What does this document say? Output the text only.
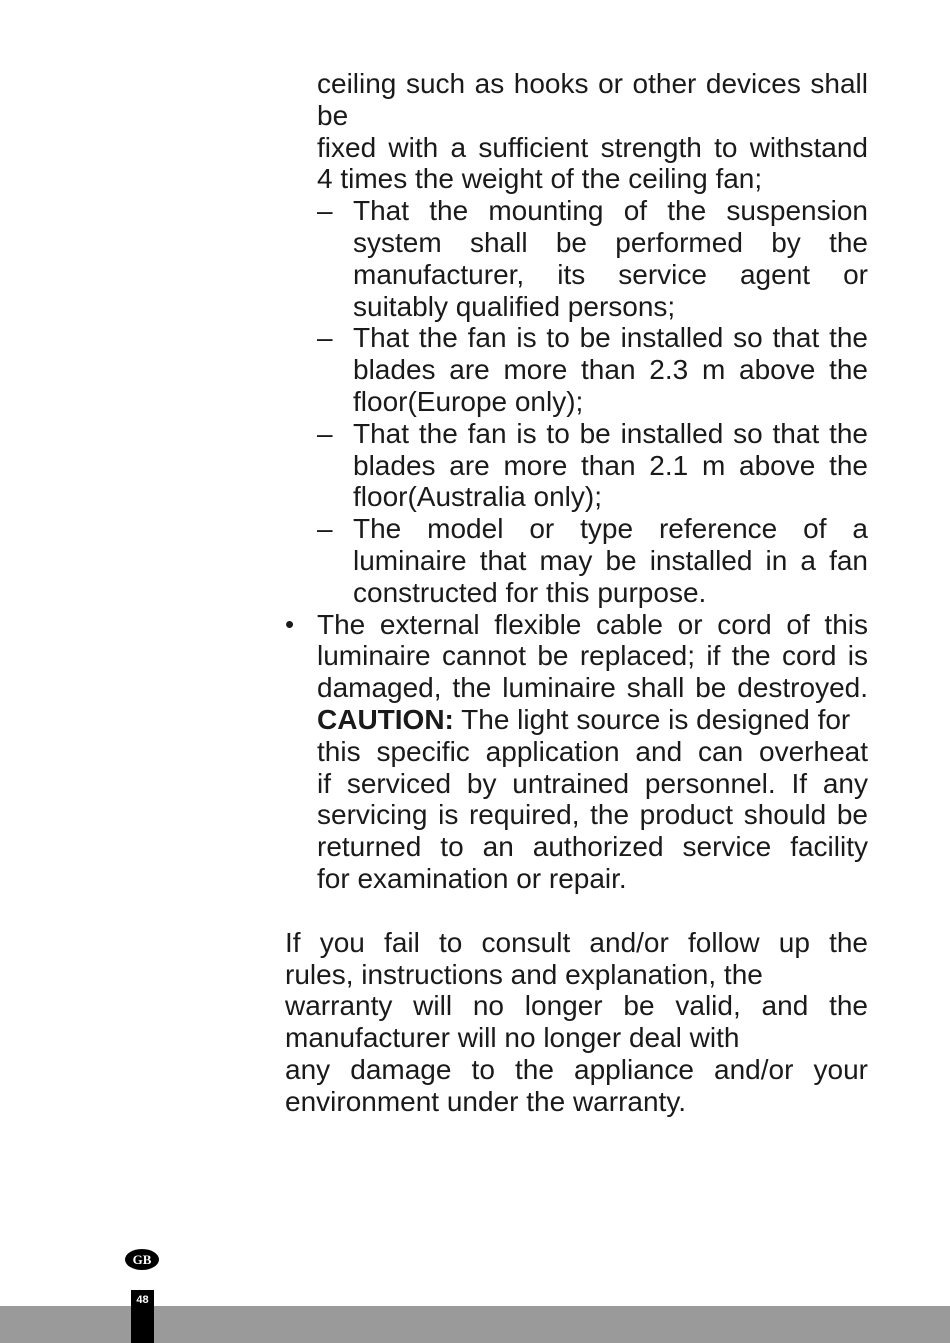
ceiling such as hooks or other devices shall be
fixed with a sufficient strength to withstand
4 times the weight of the ceiling fan;
– That the mounting of the suspension
system shall be performed by the
manufacturer, its service agent or
suitably qualified persons;
– That the fan is to be installed so that the
blades are more than 2.3 m above the
floor(Europe only);
– That the fan is to be installed so that the
blades are more than 2.1 m above the
floor(Australia only);
– The model or type reference of a
luminaire that may be installed in a fan
constructed for this purpose.
• The external flexible cable or cord of this
luminaire cannot be replaced; if the cord is
damaged, the luminaire shall be destroyed.
CAUTION: The light source is designed for
this specific application and can overheat
if serviced by untrained personnel. If any
servicing is required, the product should be
returned to an authorized service facility
for examination or repair.
If you fail to consult and/or follow up the
rules, instructions and explanation, the
warranty will no longer be valid, and the
manufacturer will no longer deal with
any damage to the appliance and/or your
environment under the warranty.
GB
48
